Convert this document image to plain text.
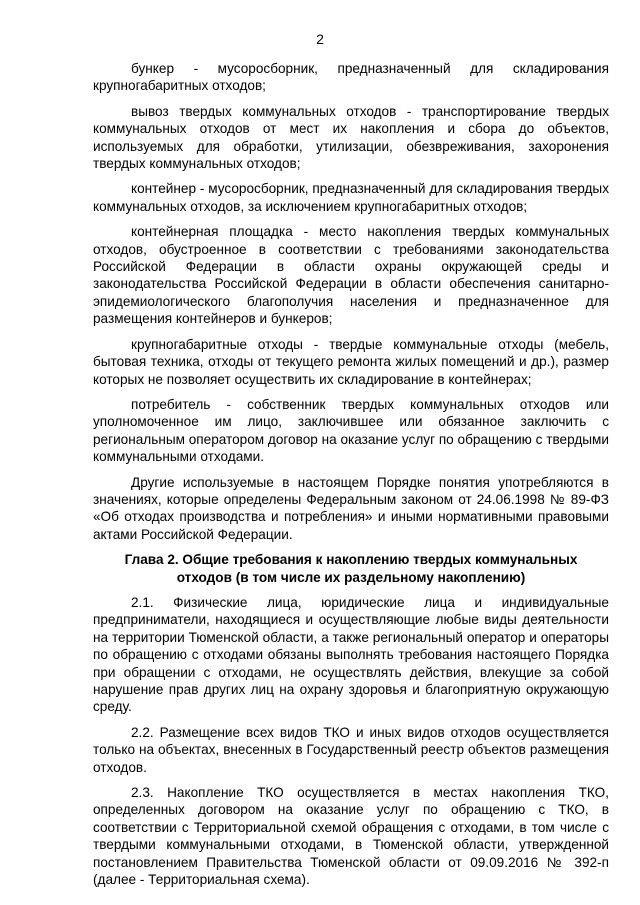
2

бункер - мусоросборник, предназначенный для складирования крупногабаритных отходов;

вывоз твердых коммунальных отходов - транспортирование твердых коммунальных отходов от мест их накопления и сбора до объектов, используемых для обработки, утилизации, обезвреживания, захоронения твердых коммунальных отходов;

контейнер - мусоросборник, предназначенный для складирования твердых коммунальных отходов, за исключением крупногабаритных отходов;

контейнерная площадка - место накопления твердых коммунальных отходов, обустроенное в соответствии с требованиями законодательства Российской Федерации в области охраны окружающей среды и законодательства Российской Федерации в области обеспечения санитарно-эпидемиологического благополучия населения и предназначенное для размещения контейнеров и бункеров;

крупногабаритные отходы - твердые коммунальные отходы (мебель, бытовая техника, отходы от текущего ремонта жилых помещений и др.), размер которых не позволяет осуществить их складирование в контейнерах;

потребитель - собственник твердых коммунальных отходов или уполномоченное им лицо, заключившее или обязанное заключить с региональным оператором договор на оказание услуг по обращению с твердыми коммунальными отходами.

Другие используемые в настоящем Порядке понятия употребляются в значениях, которые определены Федеральным законом от 24.06.1998 № 89-ФЗ «Об отходах производства и потребления» и иными нормативными правовыми актами Российской Федерации.

Глава 2. Общие требования к накоплению твердых коммунальных
отходов (в том числе их раздельному накоплению)

2.1. Физические лица, юридические лица и индивидуальные предприниматели, находящиеся и осуществляющие любые виды деятельности на территории Тюменской области, а также региональный оператор и операторы по обращению с отходами обязаны выполнять требования настоящего Порядка при обращении с отходами, не осуществлять действия, влекущие за собой нарушение прав других лиц на охрану здоровья и благоприятную окружающую среду.

2.2. Размещение всех видов ТКО и иных видов отходов осуществляется только на объектах, внесенных в Государственный реестр объектов размещения отходов.

2.3. Накопление ТКО осуществляется в местах накопления ТКО, определенных договором на оказание услуг по обращению с ТКО, в соответствии с Территориальной схемой обращения с отходами, в том числе с твердыми коммунальными отходами, в Тюменской области, утвержденной постановлением Правительства Тюменской области от 09.09.2016 № 392-п (далее - Территориальная схема).
